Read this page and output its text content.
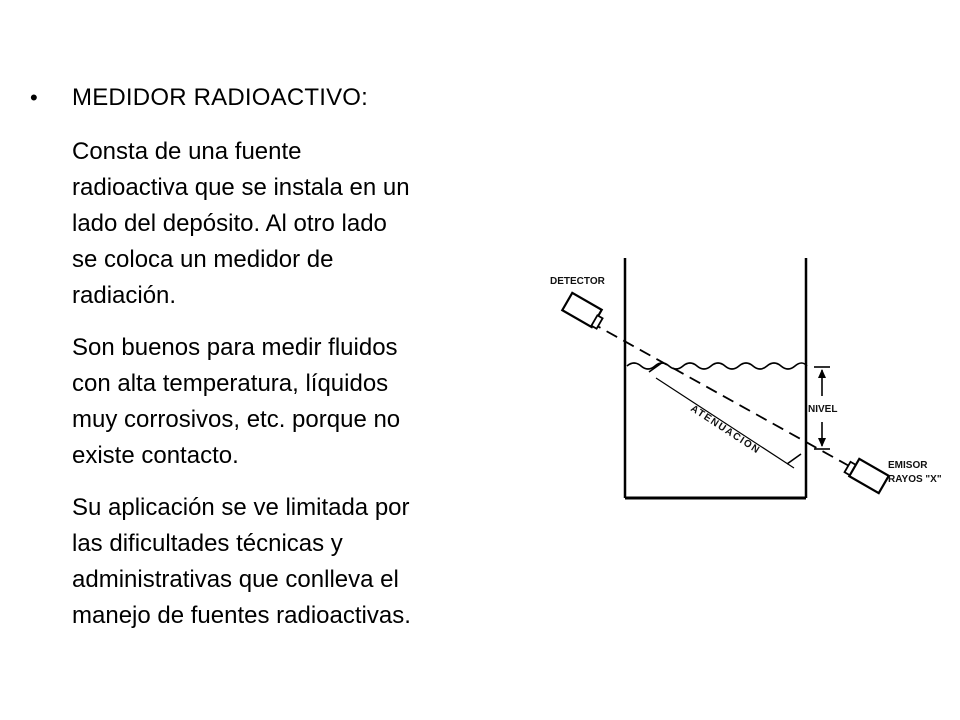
•	MEDIDOR RADIOACTIVO:
Consta de una fuente
radioactiva que se instala en un
lado del depósito. Al otro lado
se coloca un medidor de
radiación.
Son buenos para medir fluidos
con alta temperatura, líquidos
muy corrosivos, etc. porque no
existe contacto.
Su aplicación se ve limitada por
las dificultades técnicas y
administrativas que conlleva el
manejo de fuentes radioactivas.
ATENUACION	NIVEL
DETECTOR
EMISOR
RAYOS "X"
